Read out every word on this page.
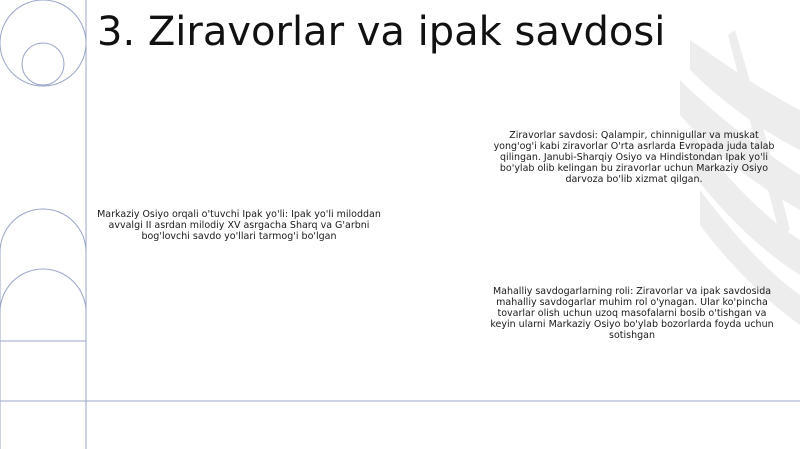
3. Ziravorlar va ipak savdosi
Ziravorlar savdosi: Qalampir, chinnigullar va muskat yong'og'i kabi ziravorlar O'rta asrlarda Evropada juda talab qilingan. Janubi-Sharqiy Osiyo va Hindistondan Ipak yo'li bo'ylab olib kelingan bu ziravorlar uchun Markaziy Osiyo darvoza bo'lib xizmat qilgan.
Markaziy Osiyo orqali o'tuvchi Ipak yo'li: Ipak yo'li miloddan avvalgi II asrdan milodiy XV asrgacha Sharq va G'arbni bog'lovchi savdo yo'llari tarmog'i bo'lgan
Mahalliy savdogarlarning roli: Ziravorlar va ipak savdosida mahalliy savdogarlar muhim rol o'ynagan. Ular ko'pincha tovarlar olish uchun uzoq masofalarni bosib o'tishgan va keyin ularni Markaziy Osiyo bo'ylab bozorlarda foyda uchun sotishgan
